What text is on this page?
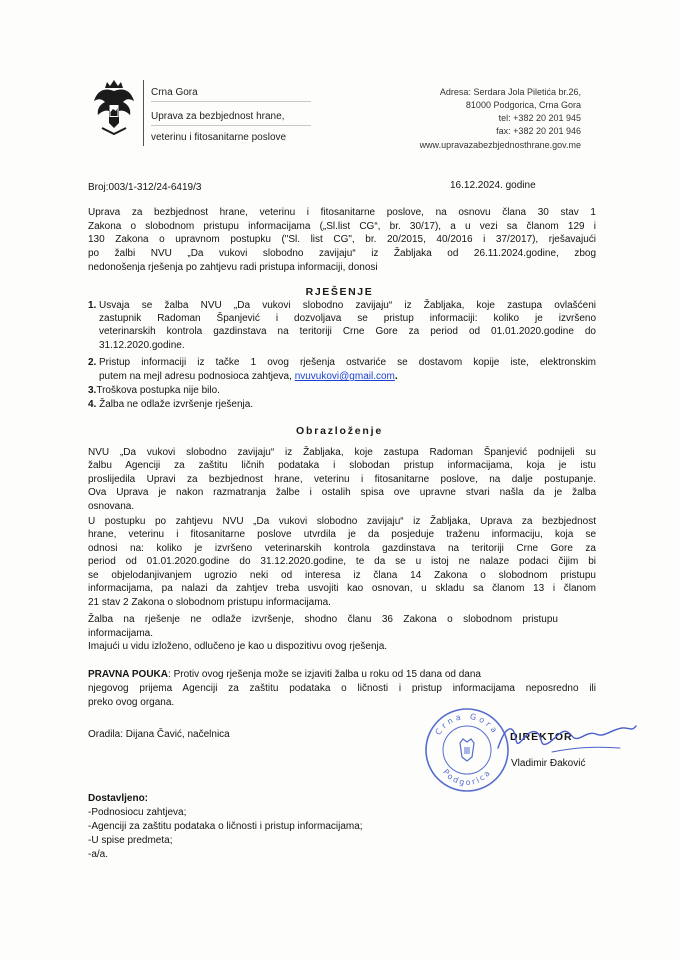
Crna Gora
Uprava za bezbjednost hrane,
veterinu i fitosanitarne poslove
Adresa: Serdara Jola Piletića br.26,
81000 Podgorica, Crna Gora
tel: +382 20 201 945
fax: +382 20 201 946
www.upravazabezbjednosthrane.gov.me
Broj:003/1-312/24-6419/3	16.12.2024. godine
Uprava za bezbjednost hrane, veterinu i fitosanitarne poslove, na osnovu člana 30 stav 1
Zakona o slobodnom pristupu informacijama („Sl.list CG“, br. 30/17), a u vezi sa članom 129 i
130 Zakona o upravnom postupku ("Sl. list CG", br. 20/2015, 40/2016 i 37/2017), rješavajući
po žalbi NVU „Da vukovi slobodno zavijaju“ iz Žabljaka od 26.11.2024.godine, zbog
nedonošenja rješenja po zahtjevu radi pristupa informaciji, donosi
RJEŠENJE
1. Usvaja se žalba NVU „Da vukovi slobodno zavijaju“ iz Žabljaka, koje zastupa ovlašćeni
zastupnik Radoman Španjević i dozvoljava se pristup informaciji: koliko je izvršeno
veterinarskih kontrola gazdinstava na teritoriji Crne Gore za period od 01.01.2020.godine do
31.12.2020.godine.
2. Pristup informaciji iz tačke 1 ovog rješenja ostvariće se dostavom kopije iste, elektronskim
putem na mejl adresu podnosioca zahtjeva, nvuvukovi@gmail.com.
3.Troškova postupka nije bilo.
4. Žalba ne odlaže izvršenje rješenja.
Obrazloženje
NVU „Da vukovi slobodno zavijaju“ iz Žabljaka, koje zastupa Radoman Španjević podnijeli su
žalbu Agenciji za zaštitu ličnih podataka i slobodan pristup informacijama, koja je istu
proslijedila Upravi za bezbjednost hrane, veterinu i fitosanitarne poslove, na dalje postupanje.
Ova Uprava je nakon razmatranja žalbe i ostalih spisa ove upravne stvari našla da je žalba
osnovana.
U postupku po zahtjevu NVU „Da vukovi slobodno zavijaju“ iz Žabljaka, Uprava za bezbjednost
hrane, veterinu i fitosanitarne poslove utvrdila je da posjeduje traženu informaciju, koja se
odnosi na: koliko je izvršeno veterinarskih kontrola gazdinstava na teritoriji Crne Gore za
period od 01.01.2020.godine do 31.12.2020.godine, te da se u istoj ne nalaze podaci čijim bi
se objelodanjivanjem ugrozio neki od interesa iz člana 14 Zakona o slobodnom pristupu
informacijama, pa nalazi da zahtjev treba usvojiti kao osnovan, u skladu sa članom 13 i članom
21 stav 2 Zakona o slobodnom pristupu informacijama.
Žalba na rješenje ne odlaže izvršenje, shodno članu 36 Zakona o slobodnom pristupu
informacijama.
Imajući u vidu izloženo, odlučeno je kao u dispozitivu ovog rješenja.
PRAVNA POUKA: Protiv ovog rješenja može se izjaviti žalba u roku od 15 dana od dana
njegovog prijema Agenciji za zaštitu podataka o ličnosti i pristup informacijama neposredno ili
preko ovog organa.
Oradila: Dijana Čavić, načelnica	Crna Gora
Podgorica
DIREKTOR
Vladimir Đaković
Dostavljeno:
-Podnosiocu zahtjeva;
-Agenciji za zaštitu podataka o ličnosti i pristup informacijama;
-U spise predmeta;
-a/a.
